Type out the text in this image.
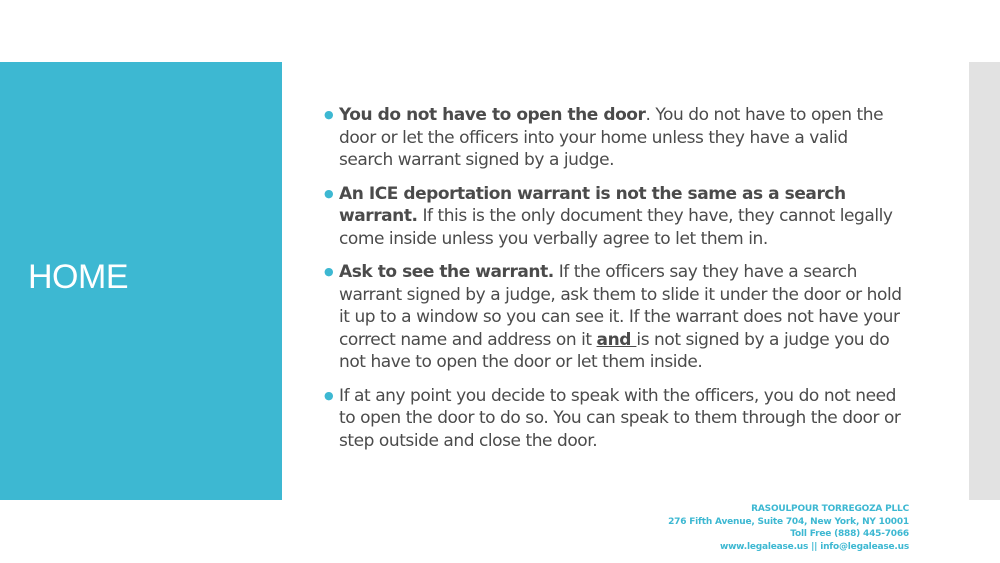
HOME
● You do not have to open the door. You do not have to open the door or let the officers into your home unless they have a valid search warrant signed by a judge.
● An ICE deportation warrant is not the same as a search warrant. If this is the only document they have, they cannot legally come inside unless you verbally agree to let them in.
● Ask to see the warrant. If the officers say they have a search warrant signed by a judge, ask them to slide it under the door or hold it up to a window so you can see it. If the warrant does not have your correct name and address on it and is not signed by a judge you do not have to open the door or let them inside.
● If at any point you decide to speak with the officers, you do not need to open the door to do so. You can speak to them through the door or step outside and close the door.
RASOULPOUR TORREGOZA PLLC
276 Fifth Avenue, Suite 704, New York, NY 10001
Toll Free (888) 445-7066
www.legalease.us || info@legalease.us
